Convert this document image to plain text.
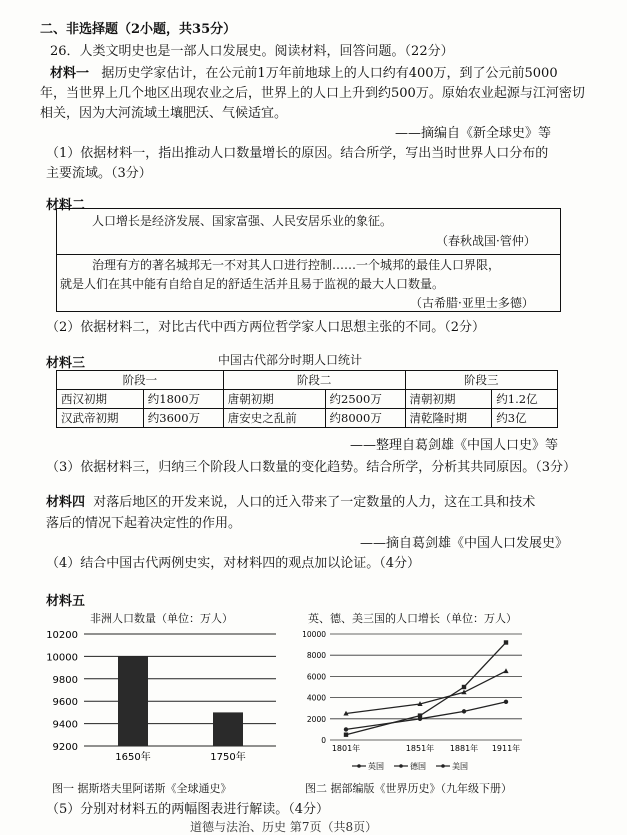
二、非选择题（2小题，共35分）
26．人类文明史也是一部人口发展史。阅读材料，回答问题。（22分）
材料一 据历史学家估计，在公元前1万年前地球上的人口约有400万，到了公元前5000
年，当世界上几个地区出现农业之后，世界上的人口上升到约500万。原始农业起源与江河密切
相关，因为大河流域土壤肥沃、气候适宜。
——摘编自《新全球史》等
（1）依据材料一，指出推动人口数量增长的原因。结合所学，写出当时世界人口分布的
主要流域。（3分）
材料二
人口增长是经济发展、国家富强、人民安居乐业的象征。
（春秋战国·管仲）
治理有方的著名城邦无一不对其人口进行控制……一个城邦的最佳人口界限，
就是人们在其中能有自给自足的舒适生活并且易于监视的最大人口数量。
（古希腊·亚里士多德）
（2）依据材料二，对比古代中西方两位哲学家人口思想主张的不同。（2分）
材料三	中国古代部分时期人口统计
阶段一		阶段二		阶段三	
西汉初期	约1800万	唐朝初期	约2500万	清朝初期	约1.2亿
汉武帝初期	约3600万	唐安史之乱前	约8000万	清乾隆时期	约3亿
——整理自葛剑雄《中国人口史》等
（3）依据材料三，归纳三个阶段人口数量的变化趋势。结合所学，分析其共同原因。（3分）
材料四 对落后地区的开发来说，人口的迁入带来了一定数量的人力，这在工具和技术
落后的情况下起着决定性的作用。
——摘自葛剑雄《中国人口发展史》
（4）结合中国古代两例史实，对材料四的观点加以论证。（4分）
材料五
非洲人口数量（单位：万人）
9200
9400
9600
9800
10000
10200
1650年	1750年
图一 据斯塔夫里阿诺斯《全球通史》
英、德、美三国的人口增长（单位：万人）
0
2000
4000
6000
8000
10000
1801年	1851年 1881年 1911年
英国	德国	美国
图二 据部编版《世界历史》（九年级下册）
（5）分别对材料五的两幅图表进行解读。（4分）
道德与法治、历史 第7页（共8页）
